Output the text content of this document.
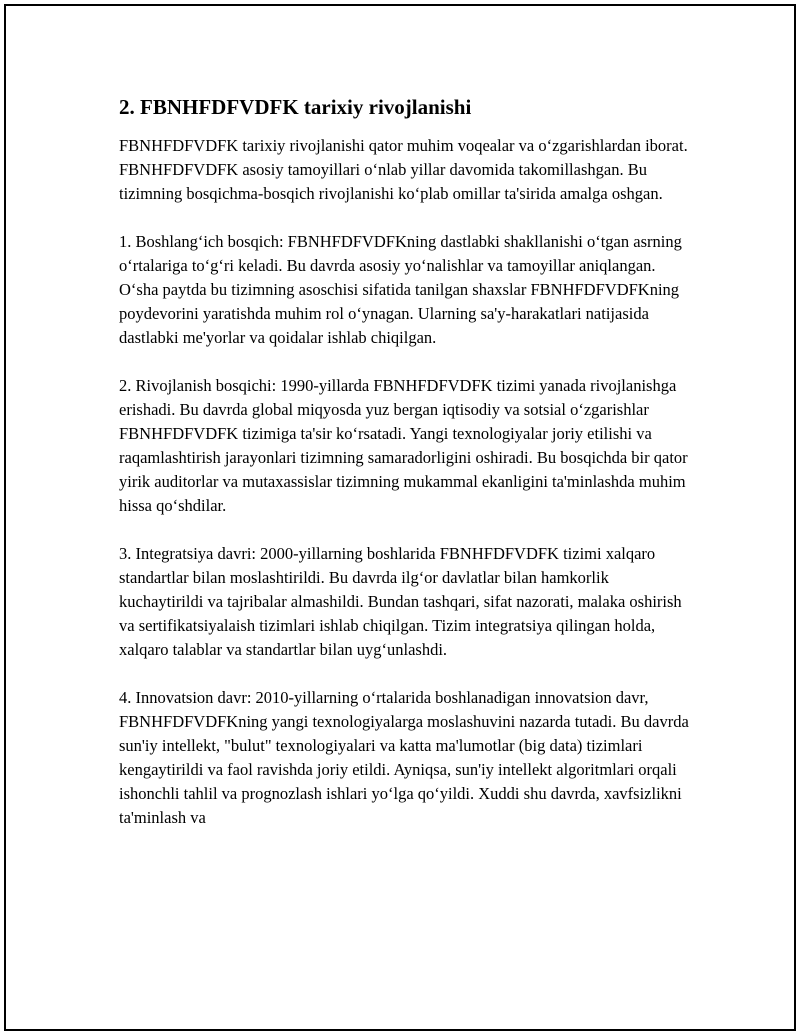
2. FBNHFDFVDFK tarixiy rivojlanishi

FBNHFDFVDFK tarixiy rivojlanishi qator muhim voqealar va o‘zgarishlardan iborat. FBNHFDFVDFK asosiy tamoyillari o‘nlab yillar davomida takomillashgan. Bu tizimning bosqichma-bosqich rivojlanishi ko‘plab omillar ta'sirida amalga oshgan.

1. Boshlang‘ich bosqich: FBNHFDFVDFKning dastlabki shakllanishi o‘tgan asrning o‘rtalariga to‘g‘ri keladi. Bu davrda asosiy yo‘nalishlar va tamoyillar aniqlangan. O‘sha paytda bu tizimning asoschisi sifatida tanilgan shaxslar FBNHFDFVDFKning poydevorini yaratishda muhim rol o‘ynagan. Ularning sa'y-harakatlari natijasida dastlabki me'yorlar va qoidalar ishlab chiqilgan.

2. Rivojlanish bosqichi: 1990-yillarda FBNHFDFVDFK tizimi yanada rivojlanishga erishadi. Bu davrda global miqyosda yuz bergan iqtisodiy va sotsial o‘zgarishlar FBNHFDFVDFK tizimiga ta'sir ko‘rsatadi. Yangi texnologiyalar joriy etilishi va raqamlashtirish jarayonlari tizimning samaradorligini oshiradi. Bu bosqichda bir qator yirik auditorlar va mutaxassislar tizimning mukammal ekanligini ta'minlashda muhim hissa qo‘shdilar.

3. Integratsiya davri: 2000-yillarning boshlarida FBNHFDFVDFK tizimi xalqaro standartlar bilan moslashtirildi. Bu davrda ilg‘or davlatlar bilan hamkorlik kuchaytirildi va tajribalar almashildi. Bundan tashqari, sifat nazorati, malaka oshirish va sertifikatsiyalaish tizimlari ishlab chiqilgan. Tizim integratsiya qilingan holda, xalqaro talablar va standartlar bilan uyg‘unlashdi.

4. Innovatsion davr: 2010-yillarning o‘rtalarida boshlanadigan innovatsion davr, FBNHFDFVDFKning yangi texnologiyalarga moslashuvini nazarda tutadi. Bu davrda sun'iy intellekt, "bulut" texnologiyalari va katta ma'lumotlar (big data) tizimlari kengaytirildi va faol ravishda joriy etildi. Ayniqsa, sun'iy intellekt algoritmlari orqali ishonchli tahlil va prognozlash ishlari yo‘lga qo‘yildi. Xuddi shu davrda, xavfsizlikni ta'minlash va
